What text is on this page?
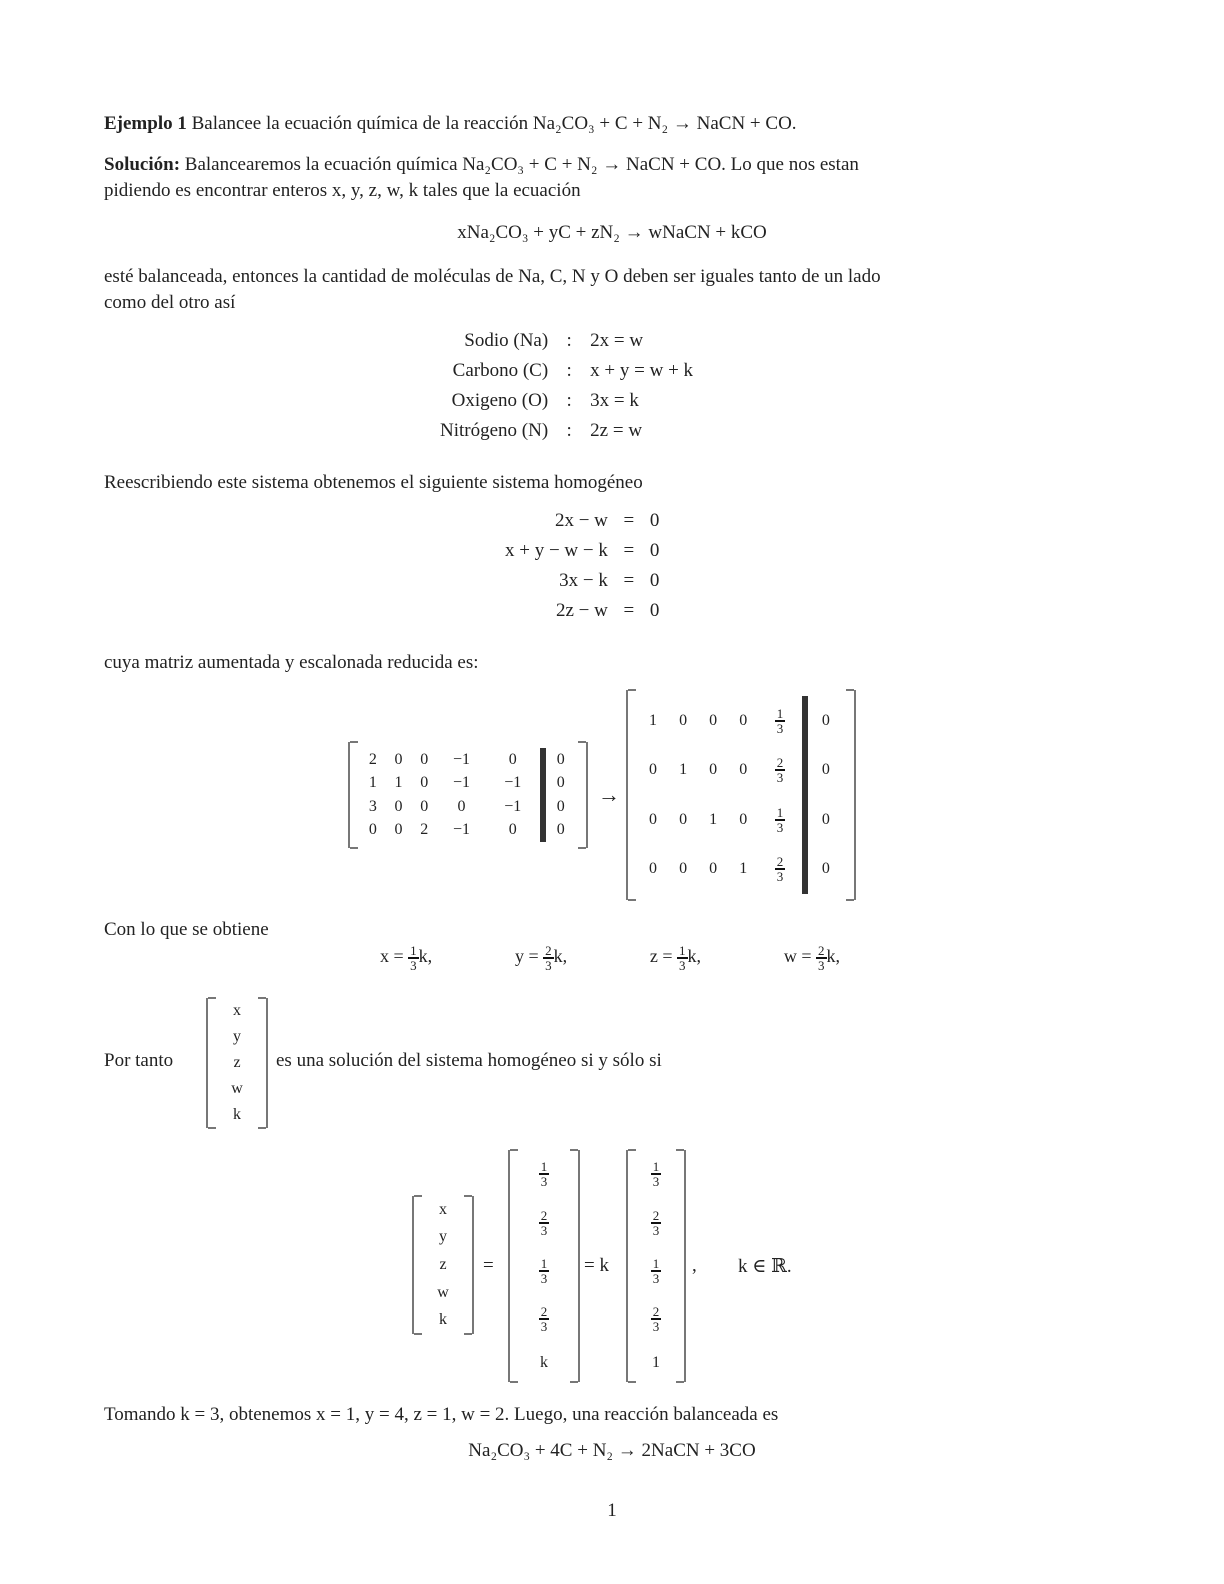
Ejemplo 1 Balancee la ecuación química de la reacción Na₂CO₃ + C + N₂ → NaCN + CO.
Solución: Balancearemos la ecuación química Na₂CO₃ + C + N₂ → NaCN + CO. Lo que nos estan
pidiendo es encontrar enteros x, y, z, w, k tales que la ecuación
xNa₂CO₃ + yC + zN₂ → wNaCN + kCO
esté balanceada, entonces la cantidad de moléculas de Na, C, N y O deben ser iguales tanto de un lado
como del otro así
Sodio (Na) : 2x = w
Carbono (C) : x + y = w + k
Oxigeno (O) : 3x = k
Nitrógeno (N) : 2z = w
Reescribiendo este sistema obtenemos el siguiente sistema homogéneo
2x − w = 0
x + y − w − k = 0
3x − k = 0
2z − w = 0
cuya matriz aumentada y escalonada reducida es:
2	0	0	−1	0	0
1	1	0	−1	−1	0
3	0	0	0	−1	0
0	0	2	−1	0	0
→
1	0	0	0	$\frac{1}{3}$	0
0	1	0	0	$\frac{2}{3}$	0
0	0	1	0	$\frac{1}{3}$	0
0	0	0	1	$\frac{2}{3}$	0
Con lo que se obtiene
$x = \frac{1}{3} k$,	$y = \frac{2}{3} k$,	$z = \frac{1}{3} k$,	$w = \frac{2}{3} k$,
Por tanto
x
y
z
w
k
es una solución del sistema homogéneo si y sólo si
x
y
z
w
k
=
$\frac{1}{3}$
$\frac{2}{3}$
$\frac{1}{3}$
$\frac{2}{3}$
k
= k
$\frac{1}{3}$
$\frac{2}{3}$
$\frac{1}{3}$
$\frac{2}{3}$
1
, k ∈ ℝ.
Tomando k = 3, obtenemos x = 1, y = 4, z = 1, w = 2. Luego, una reacción balanceada es
Na₂CO₃ + 4C + N₂ → 2NaCN + 3CO
1
